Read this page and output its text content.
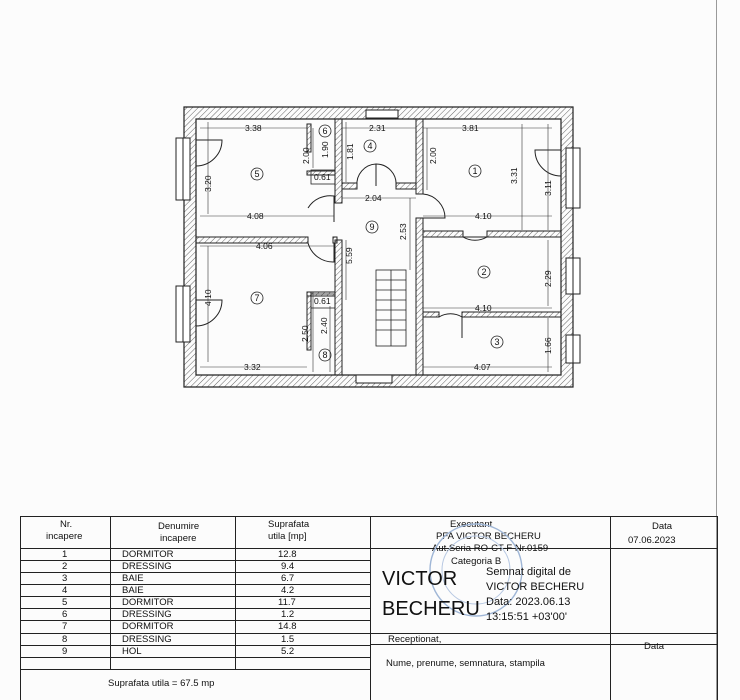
3.38	2.31	3.81
4.08
2.04
4.10
4.06
4.10
3.32	4.07
0.61
0.61
3.20
2.00 1.90 1.81	2.00
3.31
3.11
2.53
5.59
2.29
4.10
2.50 2.40
1.66
1
2
3
4
5
6
7
8
9
Nr.
incapere
Denumire
incapere
Suprafata
utila [mp]
1	DORMITOR	12.8
2	DRESSING	9.4
3	BAIE	6.7
4	BAIE	4.2
5	DORMITOR	11.7
6	DRESSING	1.2
7	DORMITOR	14.8
8	DRESSING	1.5
9	HOL	5.2
Suprafata utila = 67.5 mp
Executant
PFA VICTOR BECHERU
Aut.Seria RO-CT-F Nr.0159
Categoria B
Data
07.06.2023
VICTOR
BECHERU
Semnat digital de
VICTOR BECHERU
Data: 2023.06.13
13:15:51 +03'00'
Receptionat,
Nume, prenume, semnatura, stampila
Data
